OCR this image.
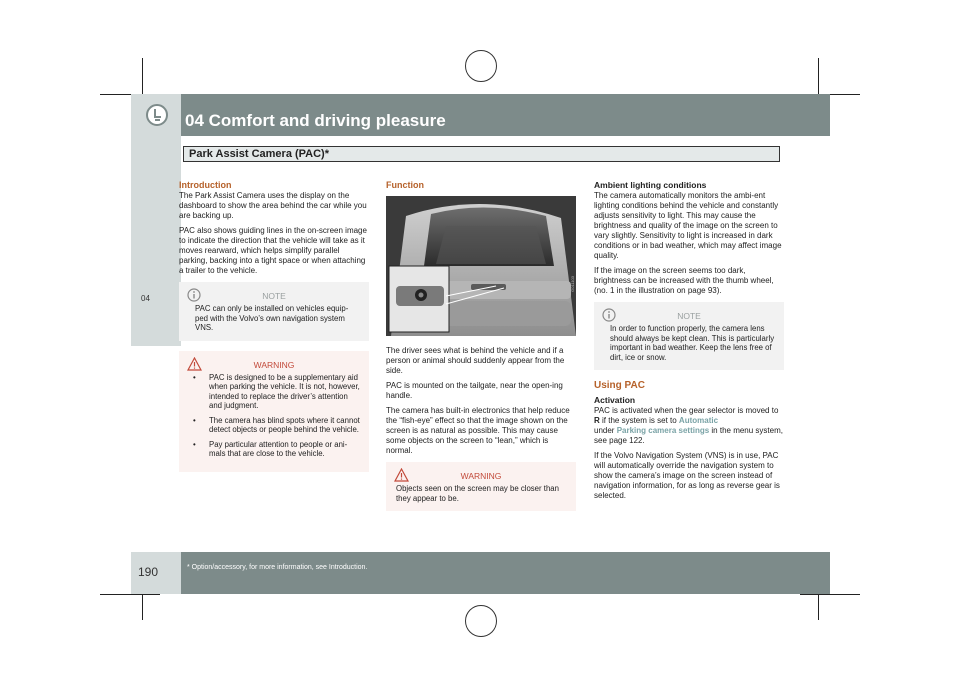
04 Comfort and driving pleasure
04
Park Assist Camera (PAC)*
Introduction
The Park Assist Camera uses the display on the dashboard to show the area behind the car while you are backing up.
PAC also shows guiding lines in the on-screen image to indicate the direction that the vehicle will take as it moves rearward, which helps simplify parallel parking, backing into a tight space or when attaching a trailer to the vehicle.
NOTE
PAC can only be installed on vehicles equip-ped with the Volvo’s own navigation system VNS.
WARNING
• PAC is designed to be a supplementary aid when parking the vehicle. It is not, however, intended to replace the driver’s attention and judgment.
• The camera has blind spots where it cannot detect objects or people behind the vehicle.
• Pay particular attention to people or ani-mals that are close to the vehicle.
Function
G011103
The driver sees what is behind the vehicle and if a person or animal should suddenly appear from the side.
PAC is mounted on the tailgate, near the open-ing handle.
The camera has built-in electronics that help reduce the “fish-eye” effect so that the image shown on the screen is as natural as possible. This may cause some objects on the screen to “lean,” which is normal.
WARNING
Objects seen on the screen may be closer than they appear to be.
Ambient lighting conditions
The camera automatically monitors the ambi-ent lighting conditions behind the vehicle and constantly adjusts sensitivity to light. This may cause the brightness and quality of the image on the screen to vary slightly. Sensitivity to light is increased in dark conditions or in bad weather, which may affect image quality.
If the image on the screen seems too dark, brightness can be increased with the thumb wheel, (no. 1 in the illustration on page 93).
NOTE
In order to function properly, the camera lens should always be kept clean. This is particularly important in bad weather. Keep the lens free of dirt, ice or snow.
Using PAC
Activation
PAC is activated when the gear selector is moved to R if the system is set to Automatic
under Parking camera settings in the menu system, see page 122.
If the Volvo Navigation System (VNS) is in use, PAC will automatically override the navigation system to show the camera’s image on the screen instead of navigation information, for as long as reverse gear is selected.
190	* Option/accessory, for more information, see Introduction.
